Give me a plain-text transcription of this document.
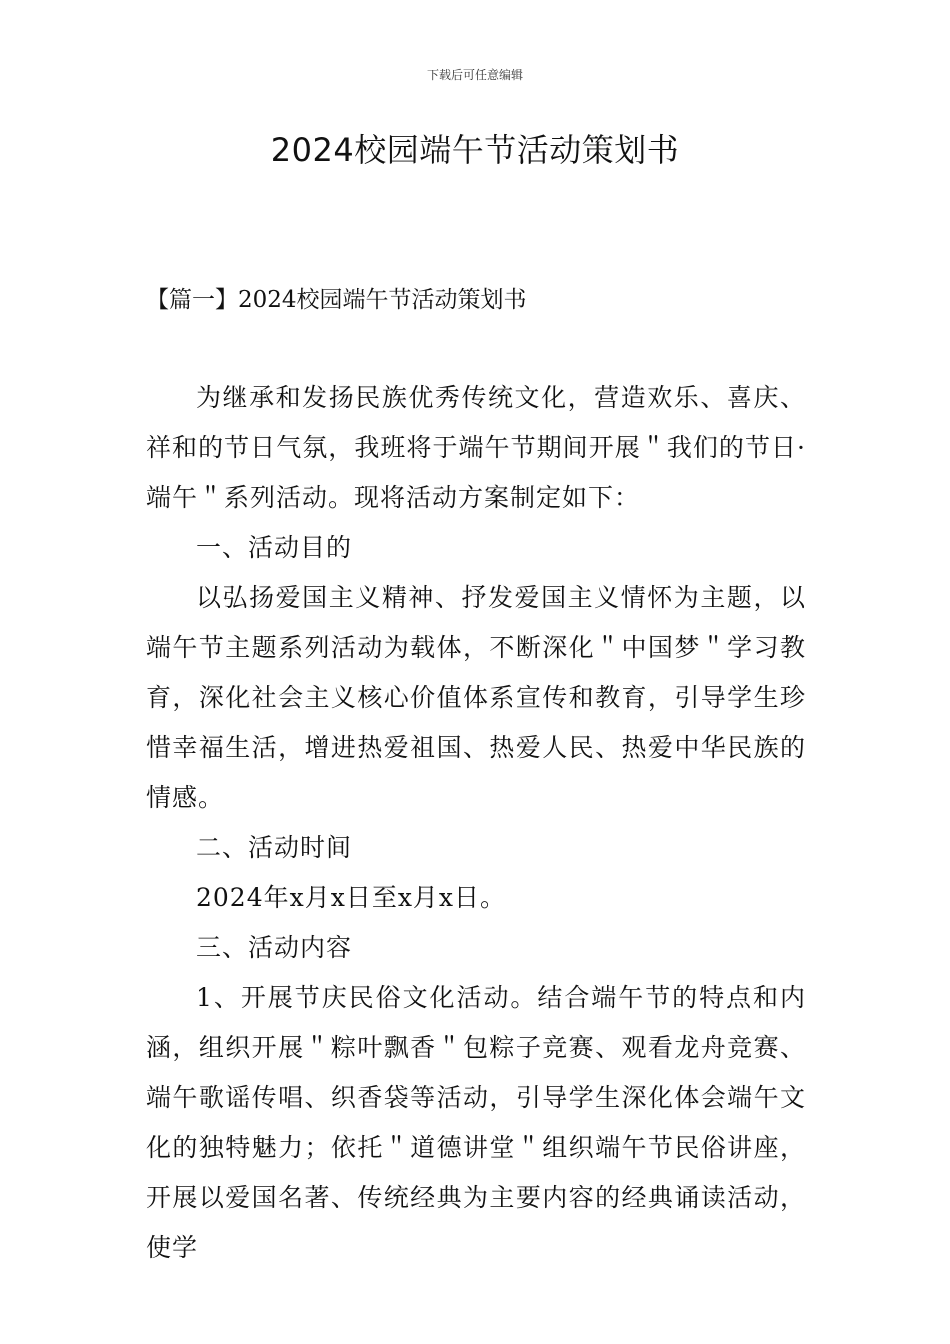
下载后可任意编辑
2024校园端午节活动策划书
【篇一】2024校园端午节活动策划书

为继承和发扬民族优秀传统文化，营造欢乐、喜庆、祥和的节日气氛，我班将于端午节期间开展＂我们的节日·端午＂系列活动。现将活动方案制定如下：

一、活动目的

以弘扬爱国主义精神、抒发爱国主义情怀为主题，以端午节主题系列活动为载体，不断深化＂中国梦＂学习教育，深化社会主义核心价值体系宣传和教育，引导学生珍惜幸福生活，增进热爱祖国、热爱人民、热爱中华民族的情感。

二、活动时间

2024年x月x日至x月x日。

三、活动内容

1、开展节庆民俗文化活动。结合端午节的特点和内涵，组织开展＂粽叶飘香＂包粽子竞赛、观看龙舟竞赛、端午歌谣传唱、织香袋等活动，引导学生深化体会端午文化的独特魅力；依托＂道德讲堂＂组织端午节民俗讲座，开展以爱国名著、传统经典为主要内容的经典诵读活动，使学
